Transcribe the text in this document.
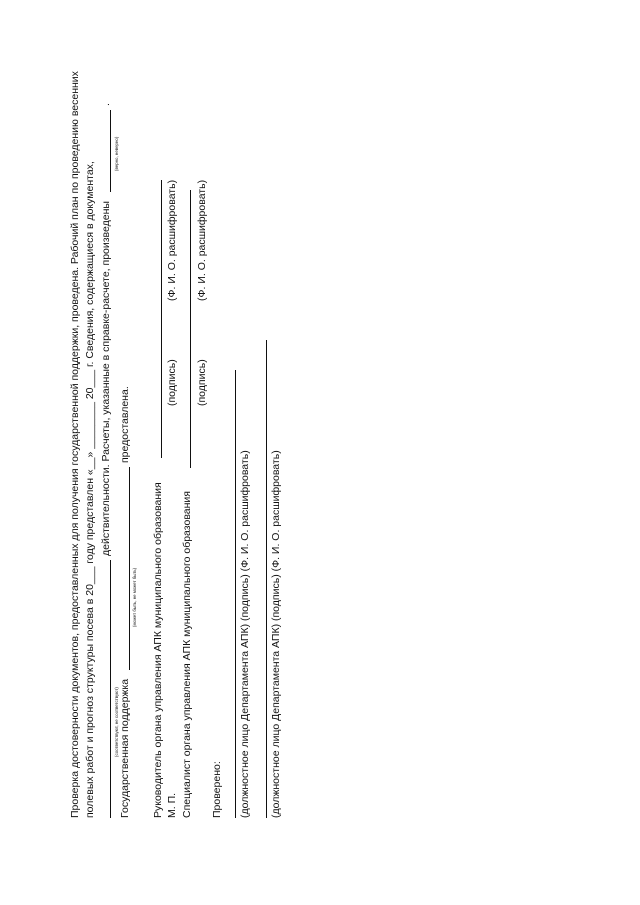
Проверка достоверности документов, предоставленных для получения государственной поддержки, проведена. Рабочий план по проведению весенних полевых работ и прогноз структуры посева в 20___ году представлен «__» ________ 20___ г. Сведения, содержащиеся в документах,	(соответствуют, не соответствуют)
действительности. Расчеты, указанные в справке-расчете, произведены
(верно, неверно)
.
Государственная поддержка
(может быть, не может быть)
предоставлена.
Руководитель органа управления АПК муниципального образования М. П.
(подпись)
(Ф. И. О. расшифровать)
Специалист органа управления АПК муниципального образования
(подпись)
(Ф. И. О. расшифровать)
Проверено: (должностное лицо Департамента АПК) (подпись) (Ф. И. О. расшифровать) (должностное лицо Департамента АПК) (подпись) (Ф. И. О. расшифровать)
